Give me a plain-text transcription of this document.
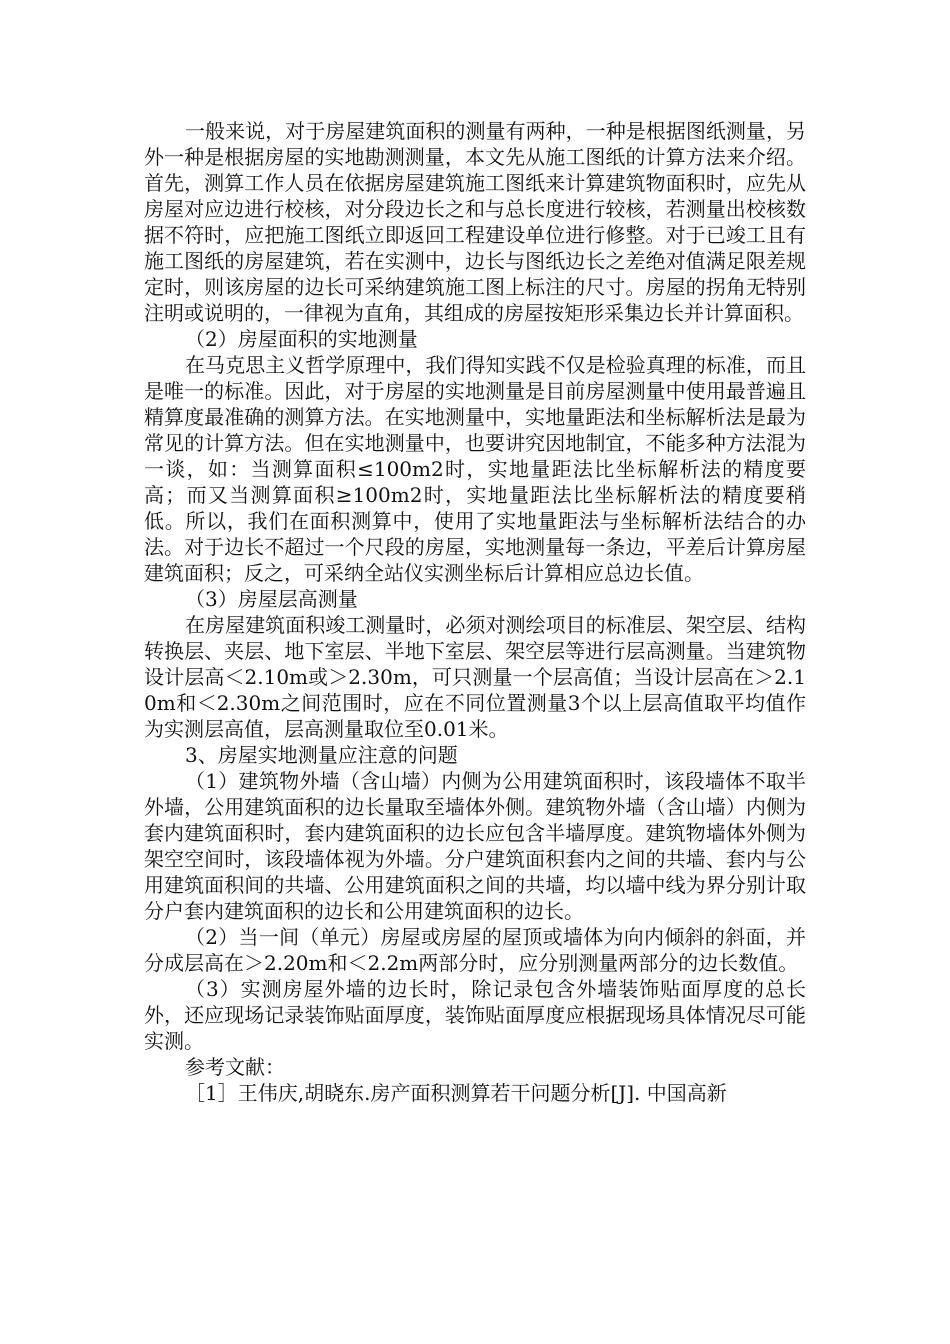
一般来说，对于房屋建筑面积的测量有两种，一种是根据图纸测量，另外一种是根据房屋的实地勘测测量，本文先从施工图纸的计算方法来介绍。首先，测算工作人员在依据房屋建筑施工图纸来计算建筑物面积时，应先从房屋对应边进行校核，对分段边长之和与总长度进行较核，若测量出校核数据不符时，应把施工图纸立即返回工程建设单位进行修整。对于已竣工且有施工图纸的房屋建筑，若在实测中，边长与图纸边长之差绝对值满足限差规定时，则该房屋的边长可采纳建筑施工图上标注的尺寸。房屋的拐角无特别注明或说明的，一律视为直角，其组成的房屋按矩形采集边长并计算面积。

（2）房屋面积的实地测量

在马克思主义哲学原理中，我们得知实践不仅是检验真理的标准，而且是唯一的标准。因此，对于房屋的实地测量是目前房屋测量中使用最普遍且精算度最准确的测算方法。在实地测量中，实地量距法和坐标解析法是最为常见的计算方法。但在实地测量中，也要讲究因地制宜，不能多种方法混为一谈，如：当测算面积≤100m2时，实地量距法比坐标解析法的精度要高；而又当测算面积≥100m2时，实地量距法比坐标解析法的精度要稍低。所以，我们在面积测算中，使用了实地量距法与坐标解析法结合的办法。对于边长不超过一个尺段的房屋，实地测量每一条边，平差后计算房屋建筑面积；反之，可采纳全站仪实测坐标后计算相应总边长值。

（3）房屋层高测量

在房屋建筑面积竣工测量时，必须对测绘项目的标准层、架空层、结构转换层、夹层、地下室层、半地下室层、架空层等进行层高测量。当建筑物设计层高＜2.10m或＞2.30m，可只测量一个层高值；当设计层高在＞2.10m和＜2.30m之间范围时，应在不同位置测量3个以上层高值取平均值作为实测层高值，层高测量取位至0.01米。

3、房屋实地测量应注意的问题

（1）建筑物外墙（含山墙）内侧为公用建筑面积时，该段墙体不取半外墙，公用建筑面积的边长量取至墙体外侧。建筑物外墙（含山墙）内侧为套内建筑面积时，套内建筑面积的边长应包含半墙厚度。建筑物墙体外侧为架空空间时，该段墙体视为外墙。分户建筑面积套内之间的共墙、套内与公用建筑面积间的共墙、公用建筑面积之间的共墙，均以墙中线为界分别计取分户套内建筑面积的边长和公用建筑面积的边长。

（2）当一间（单元）房屋或房屋的屋顶或墙体为向内倾斜的斜面，并分成层高在＞2.20m和＜2.2m两部分时，应分别测量两部分的边长数值。

（3）实测房屋外墙的边长时，除记录包含外墙装饰贴面厚度的总长外，还应现场记录装饰贴面厚度，装饰贴面厚度应根据现场具体情况尽可能实测。

参考文献：

［1］王伟庆,胡晓东.房产面积测算若干问题分析[J]. 中国高新
